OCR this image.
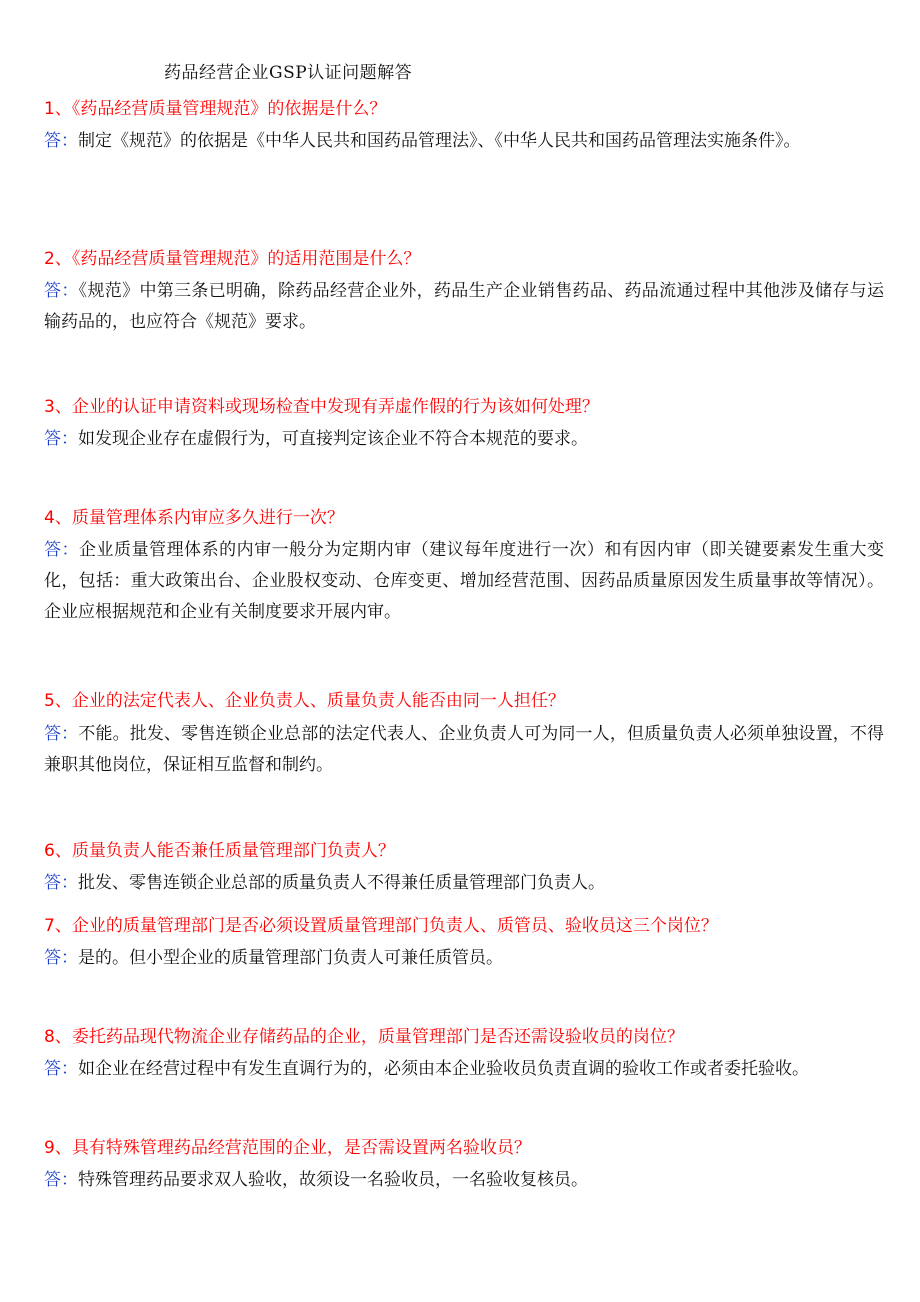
药品经营企业GSP认证问题解答
1、《药品经营质量管理规范》的依据是什么？
答：制定《规范》的依据是《中华人民共和国药品管理法》、《中华人民共和国药品管理法实施条件》。
2、《药品经营质量管理规范》的适用范围是什么？
答：《规范》中第三条已明确，除药品经营企业外，药品生产企业销售药品、药品流通过程中其他涉及储存与运输药品的，也应符合《规范》要求。
3、企业的认证申请资料或现场检查中发现有弄虚作假的行为该如何处理？
答：如发现企业存在虚假行为，可直接判定该企业不符合本规范的要求。
4、质量管理体系内审应多久进行一次？
答：企业质量管理体系的内审一般分为定期内审（建议每年度进行一次）和有因内审（即关键要素发生重大变化，包括：重大政策出台、企业股权变动、仓库变更、增加经营范围、因药品质量原因发生质量事故等情况）。企业应根据规范和企业有关制度要求开展内审。
5、企业的法定代表人、企业负责人、质量负责人能否由同一人担任？
答：不能。批发、零售连锁企业总部的法定代表人、企业负责人可为同一人，但质量负责人必须单独设置，不得兼职其他岗位，保证相互监督和制约。
6、质量负责人能否兼任质量管理部门负责人？
答：批发、零售连锁企业总部的质量负责人不得兼任质量管理部门负责人。
7、企业的质量管理部门是否必须设置质量管理部门负责人、质管员、验收员这三个岗位？
答：是的。但小型企业的质量管理部门负责人可兼任质管员。
8、委托药品现代物流企业存储药品的企业，质量管理部门是否还需设验收员的岗位？
答：如企业在经营过程中有发生直调行为的，必须由本企业验收员负责直调的验收工作或者委托验收。
9、具有特殊管理药品经营范围的企业，是否需设置两名验收员？
答：特殊管理药品要求双人验收，故须设一名验收员，一名验收复核员。
